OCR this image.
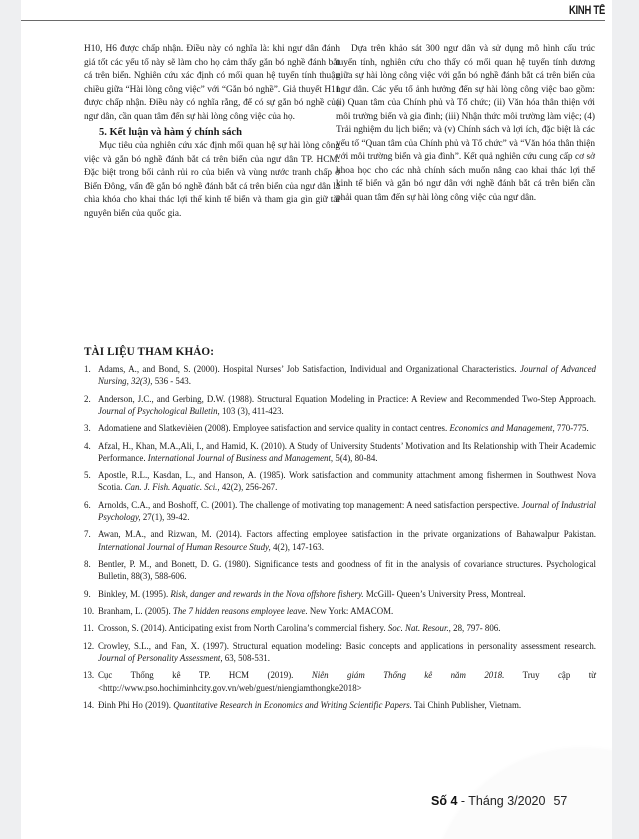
KINH TẾ

H10, H6 được chấp nhận. Điều này có nghĩa là: khi ngư dân đánh giá tốt các yếu tố này sẽ làm cho họ cảm thấy gắn bó nghề đánh bắt cá trên biển. Nghiên cứu xác định có mối quan hệ tuyến tính thuận chiều giữa “Hài lòng công việc” với “Gắn bó nghề”. Giả thuyết H11 được chấp nhận. Điều này có nghĩa rằng, để có sự gắn bó nghề của ngư dân, cần quan tâm đến sự hài lòng công việc của họ.

5. Kết luận và hàm ý chính sách

Mục tiêu của nghiên cứu xác định mối quan hệ sự hài lòng công việc và gắn bó nghề đánh bắt cá trên biển của ngư dân TP. HCM. Đặc biệt trong bối cảnh rủi ro của biển và vùng nước tranh chấp ở Biển Đông, vấn đề gắn bó nghề đánh bắt cá trên biển của ngư dân là chìa khóa cho khai thác lợi thế kinh tế biển và tham gia gìn giữ tài nguyên biển của quốc gia.

Dựa trên khảo sát 300 ngư dân và sử dụng mô hình cấu trúc tuyến tính, nghiên cứu cho thấy có mối quan hệ tuyến tính dương giữa sự hài lòng công việc với gắn bó nghề đánh bắt cá trên biển của ngư dân. Các yếu tố ảnh hưởng đến sự hài lòng công việc bao gồm: (i) Quan tâm của Chính phủ và Tổ chức; (ii) Văn hóa thân thiện với môi trường biển và gia đình; (iii) Nhận thức môi trường làm việc; (4) Trải nghiệm du lịch biển; và (v) Chính sách và lợi ích, đặc biệt là các yếu tố “Quan tâm của Chính phủ và Tổ chức” và “Văn hóa thân thiện với môi trường biển và gia đình”. Kết quả nghiên cứu cung cấp cơ sở khoa học cho các nhà chính sách muốn nâng cao khai thác lợi thế kinh tế biển và gắn bó ngư dân với nghề đánh bắt cá trên biển cần phải quan tâm đến sự hài lòng công việc của ngư dân.

TÀI LIỆU THAM KHẢO:
1. Adams, A., and Bond, S. (2000). Hospital Nurses’ Job Satisfaction, Individual and Organizational Characteristics. Journal of Advanced Nursing, 32(3), 536 - 543.
2. Anderson, J.C., and Gerbing, D.W. (1988). Structural Equation Modeling in Practice: A Review and Recommended Two-Step Approach. Journal of Psychological Bulletin, 103 (3), 411-423.
3. Adomatiene and Slatkevièien (2008). Employee satisfaction and service quality in contact centres. Economics and Management, 770-775.
4. Afzal, H., Khan, M.A.,Ali, I., and Hamid, K. (2010). A Study of University Students’ Motivation and Its Relationship with Their Academic Performance. International Journal of Business and Management, 5(4), 80-84.
5. Apostle, R.L., Kasdan, L., and Hanson, A. (1985). Work satisfaction and community attachment among fishermen in Southwest Nova Scotia. Can. J. Fish. Aquatic. Sci., 42(2), 256-267.
6. Arnolds, C.A., and Boshoff, C. (2001). The challenge of motivating top management: A need satisfaction perspective. Journal of Industrial Psychology, 27(1), 39-42.
7. Awan, M.A., and Rizwan, M. (2014). Factors affecting employee satisfaction in the private organizations of Bahawalpur Pakistan. International Journal of Human Resource Study, 4(2), 147-163.
8. Bentler, P. M., and Bonett, D. G. (1980). Significance tests and goodness of fit in the analysis of covariance structures. Psychological Bulletin, 88(3), 588-606.
9. Binkley, M. (1995). Risk, danger and rewards in the Nova offshore fishery. McGill- Queen’s University Press, Montreal.
10. Branham, L. (2005). The 7 hidden reasons employee leave. New York: AMACOM.
11. Crosson, S. (2014). Anticipating exist from North Carolina’s commercial fishery. Soc. Nat. Resour., 28, 797- 806.
12. Crowley, S.L., and Fan, X. (1997). Structural equation modeling: Basic concepts and applications in personality assessment research. Journal of Personality Assessment, 63, 508-531.
13. Cục Thống kê TP. HCM (2019). Niên giám Thống kê năm 2018. Truy cập từ <http://www.pso.hochiminhcity.gov.vn/web/guest/niengiamthongke2018>
14. Đinh Phi Ho (2019). Quantitative Research in Economics and Writing Scientific Papers. Tai Chinh Publisher, Vietnam.
Số 4 - Tháng 3/2020 57
